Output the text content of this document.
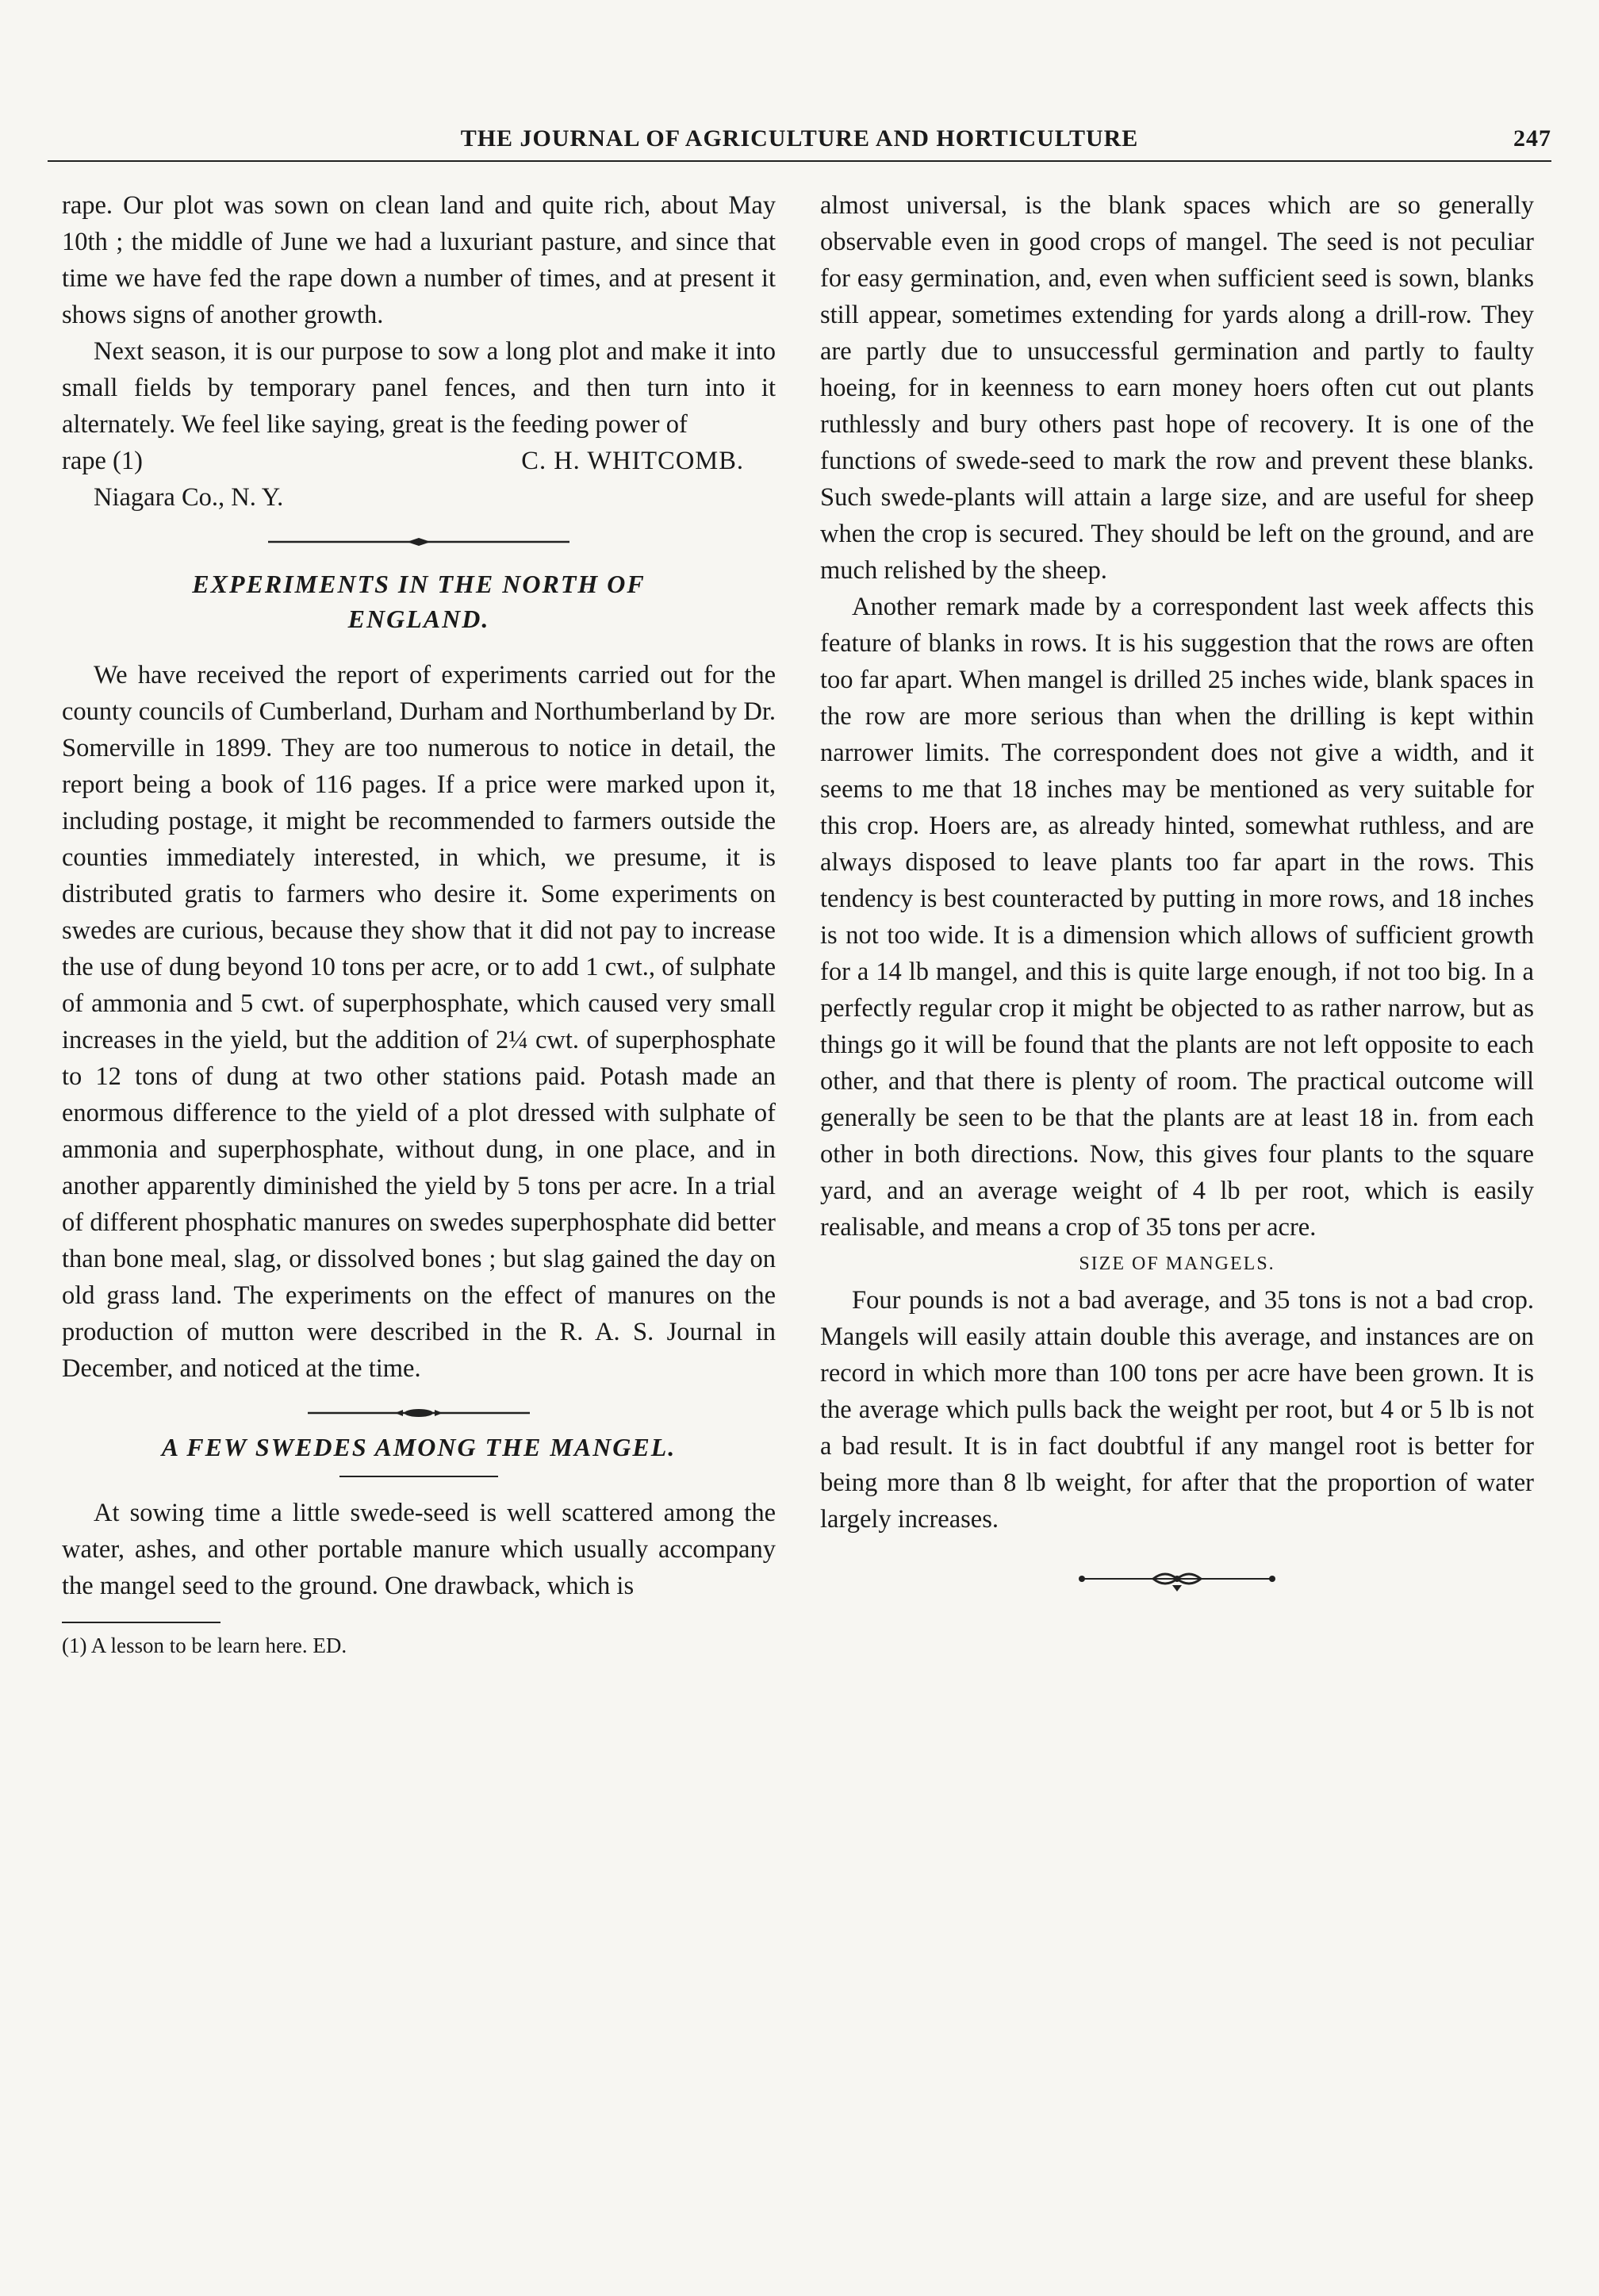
THE JOURNAL OF AGRICULTURE AND HORTICULTURE	247

rape. Our plot was sown on clean land and quite rich, about May 10th ; the middle of June we had a luxuriant pasture, and since that time we have fed the rape down a number of times, and at present it shows signs of another growth.

Next season, it is our purpose to sow a long plot and make it into small fields by temporary panel fences, and then turn into it alternately. We feel like saying, great is the feeding power of

rape (1)	C. H. WHITCOMB.

Niagara Co., N. Y.

EXPERIMENTS IN THE NORTH OF
ENGLAND.

We have received the report of experiments carried out for the county councils of Cumberland, Durham and Northumberland by Dr. Somerville in 1899. They are too numerous to notice in detail, the report being a book of 116 pages. If a price were marked upon it, including postage, it might be recommended to farmers outside the counties immediately interested, in which, we presume, it is distributed gratis to farmers who desire it. Some experiments on swedes are curious, because they show that it did not pay to increase the use of dung beyond 10 tons per acre, or to add 1 cwt., of sulphate of ammonia and 5 cwt. of superphosphate, which caused very small increases in the yield, but the addition of 2¼ cwt. of superphosphate to 12 tons of dung at two other stations paid. Potash made an enormous difference to the yield of a plot dressed with sulphate of ammonia and superphosphate, without dung, in one place, and in another apparently diminished the yield by 5 tons per acre. In a trial of different phosphatic manures on swedes superphosphate did better than bone meal, slag, or dissolved bones ; but slag gained the day on old grass land. The experiments on the effect of manures on the production of mutton were described in the R. A. S. Journal in December, and noticed at the time.

A FEW SWEDES AMONG THE MANGEL.

At sowing time a little swede-seed is well scattered among the water, ashes, and other portable manure which usually accompany the mangel seed to the ground. One drawback, which is

(1) A lesson to be learn here. ED.

almost universal, is the blank spaces which are so generally observable even in good crops of mangel. The seed is not peculiar for easy germination, and, even when sufficient seed is sown, blanks still appear, sometimes extending for yards along a drill-row. They are partly due to unsuccessful germination and partly to faulty hoeing, for in keenness to earn money hoers often cut out plants ruthlessly and bury others past hope of recovery. It is one of the functions of swede-seed to mark the row and prevent these blanks. Such swede-plants will attain a large size, and are useful for sheep when the crop is secured. They should be left on the ground, and are much relished by the sheep.

Another remark made by a correspondent last week affects this feature of blanks in rows. It is his suggestion that the rows are often too far apart. When mangel is drilled 25 inches wide, blank spaces in the row are more serious than when the drilling is kept within narrower limits. The correspondent does not give a width, and it seems to me that 18 inches may be mentioned as very suitable for this crop. Hoers are, as already hinted, somewhat ruthless, and are always disposed to leave plants too far apart in the rows. This tendency is best counteracted by putting in more rows, and 18 inches is not too wide. It is a dimension which allows of sufficient growth for a 14 lb mangel, and this is quite large enough, if not too big. In a perfectly regular crop it might be objected to as rather narrow, but as things go it will be found that the plants are not left opposite to each other, and that there is plenty of room. The practical outcome will generally be seen to be that the plants are at least 18 in. from each other in both directions. Now, this gives four plants to the square yard, and an average weight of 4 lb per root, which is easily realisable, and means a crop of 35 tons per acre.

SIZE OF MANGELS.

Four pounds is not a bad average, and 35 tons is not a bad crop. Mangels will easily attain double this average, and instances are on record in which more than 100 tons per acre have been grown. It is the average which pulls back the weight per root, but 4 or 5 lb is not a bad result. It is in fact doubtful if any mangel root is better for being more than 8 lb weight, for after that the proportion of water largely increases.
